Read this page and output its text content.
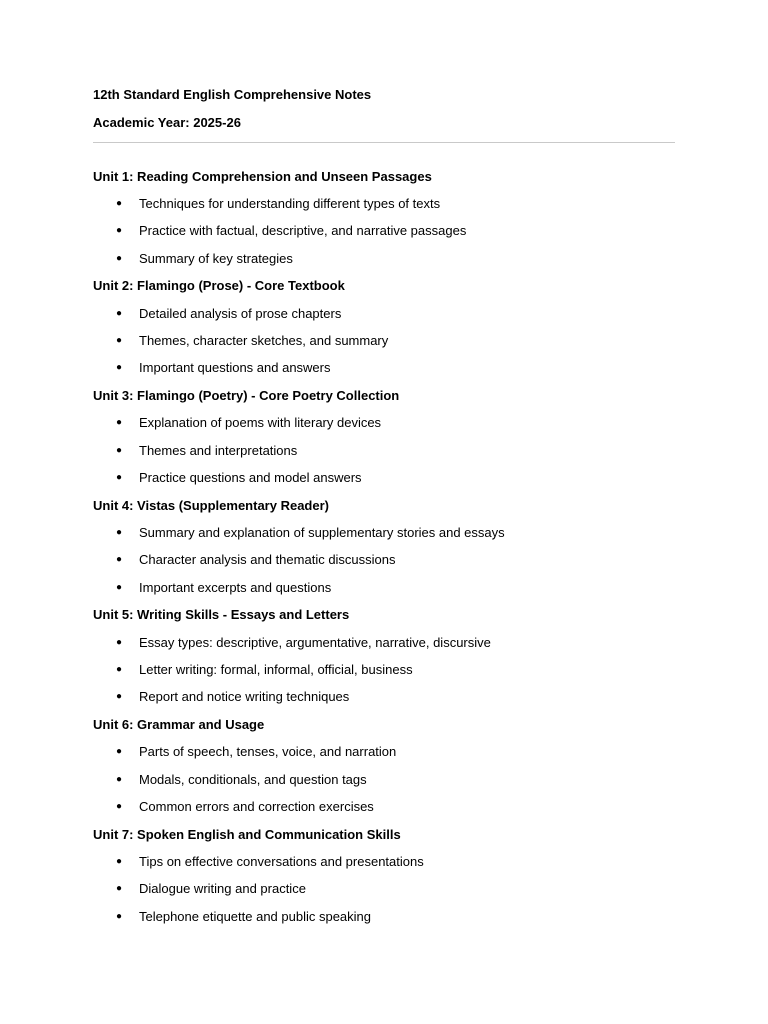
12th Standard English Comprehensive Notes

Academic Year: 2025-26

Unit 1: Reading Comprehension and Unseen Passages

● Techniques for understanding different types of texts
● Practice with factual, descriptive, and narrative passages
● Summary of key strategies

Unit 2: Flamingo (Prose) - Core Textbook

● Detailed analysis of prose chapters
● Themes, character sketches, and summary
● Important questions and answers

Unit 3: Flamingo (Poetry) - Core Poetry Collection

● Explanation of poems with literary devices
● Themes and interpretations
● Practice questions and model answers

Unit 4: Vistas (Supplementary Reader)

● Summary and explanation of supplementary stories and essays
● Character analysis and thematic discussions
● Important excerpts and questions

Unit 5: Writing Skills - Essays and Letters

● Essay types: descriptive, argumentative, narrative, discursive
● Letter writing: formal, informal, official, business
● Report and notice writing techniques

Unit 6: Grammar and Usage

● Parts of speech, tenses, voice, and narration
● Modals, conditionals, and question tags
● Common errors and correction exercises

Unit 7: Spoken English and Communication Skills

● Tips on effective conversations and presentations
● Dialogue writing and practice
● Telephone etiquette and public speaking
